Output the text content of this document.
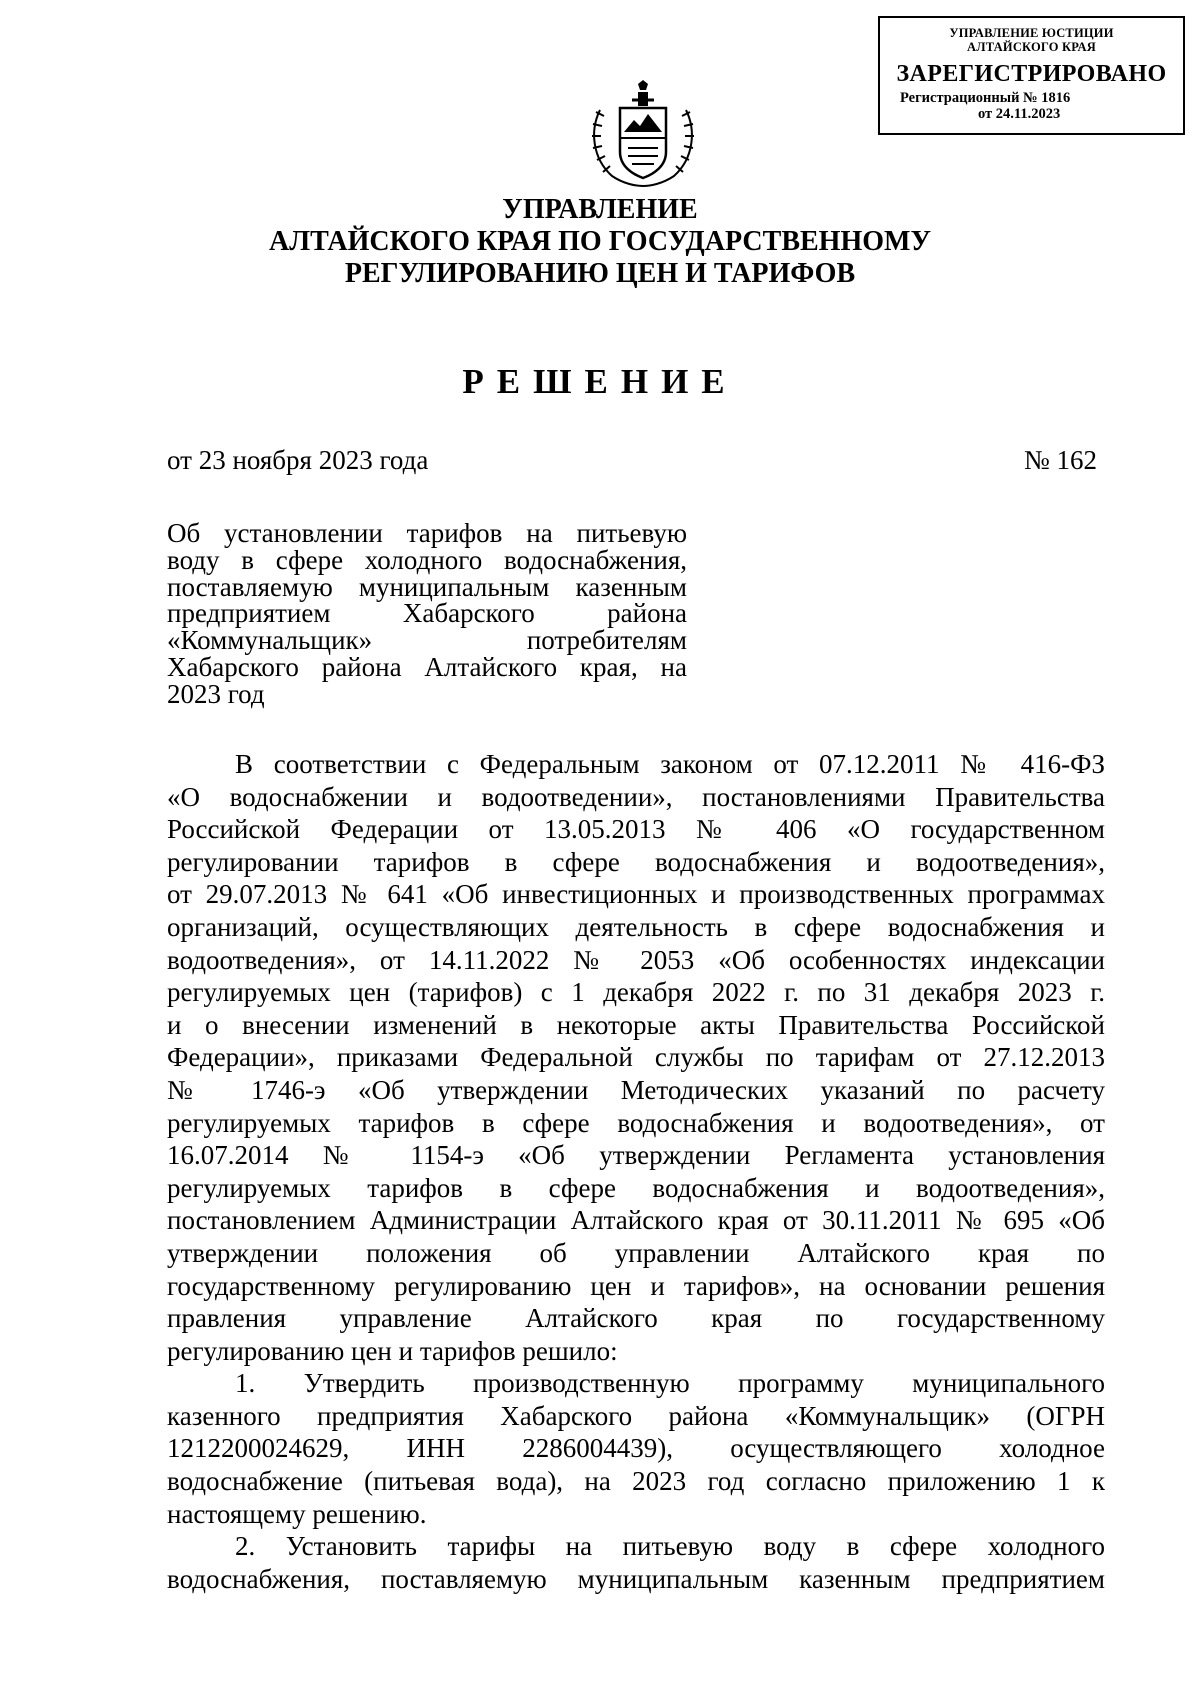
УПРАВЛЕНИЕ ЮСТИЦИИ
АЛТАЙСКОГО КРАЯ
ЗАРЕГИСТРИРОВАНО
Регистрационный № 1816
от 24.11.2023
УПРАВЛЕНИЕ
АЛТАЙСКОГО КРАЯ ПО ГОСУДАРСТВЕННОМУ
РЕГУЛИРОВАНИЮ ЦЕН И ТАРИФОВ
РЕШЕНИЕ
от 23 ноября 2023 года	№ 162
Об установлении тарифов на питьевую
воду в сфере холодного водоснабжения,
поставляемую муниципальным казенным
предприятием Хабарского района
«Коммунальщик» потребителям
Хабарского района Алтайского края, на
2023 год
В соответствии с Федеральным законом от 07.12.2011 № 416-ФЗ
«О водоснабжении и водоотведении», постановлениями Правительства
Российской Федерации от 13.05.2013 № 406 «О государственном
регулировании тарифов в сфере водоснабжения и водоотведения»,
от 29.07.2013 № 641 «Об инвестиционных и производственных программах
организаций, осуществляющих деятельность в сфере водоснабжения и
водоотведения», от 14.11.2022 № 2053 «Об особенностях индексации
регулируемых цен (тарифов) с 1 декабря 2022 г. по 31 декабря 2023 г.
и о внесении изменений в некоторые акты Правительства Российской
Федерации», приказами Федеральной службы по тарифам от 27.12.2013
№ 1746-э «Об утверждении Методических указаний по расчету
регулируемых тарифов в сфере водоснабжения и водоотведения», от
16.07.2014 № 1154-э «Об утверждении Регламента установления
регулируемых тарифов в сфере водоснабжения и водоотведения»,
постановлением Администрации Алтайского края от 30.11.2011 № 695 «Об
утверждении положения об управлении Алтайского края по
государственному регулированию цен и тарифов», на основании решения
правления управление Алтайского края по государственному
регулированию цен и тарифов решило:
1. Утвердить производственную программу муниципального
казенного предприятия Хабарского района «Коммунальщик» (ОГРН
1212200024629, ИНН 2286004439), осуществляющего холодное
водоснабжение (питьевая вода), на 2023 год согласно приложению 1 к
настоящему решению.
2. Установить тарифы на питьевую воду в сфере холодного
водоснабжения, поставляемую муниципальным казенным предприятием
